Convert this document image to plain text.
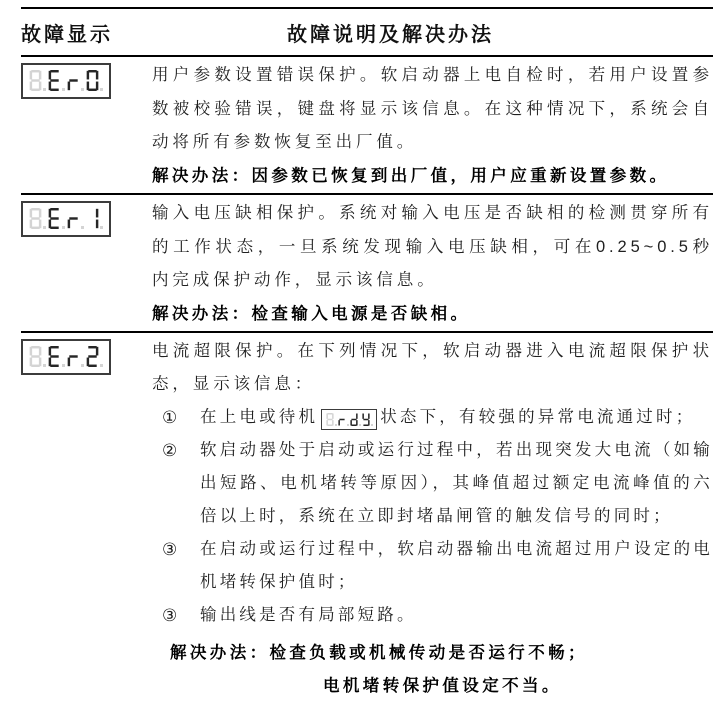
故障显示	故障说明及解决办法

用户参数设置错误保护。软启动器上电自检时，若用户设置参数被校验错误，键盘将显示该信息。在这种情况下，系统会自动将所有参数恢复至出厂值。

解决办法：因参数已恢复到出厂值，用户应重新设置参数。

输入电压缺相保护。系统对输入电压是否缺相的检测贯穿所有的工作状态，一旦系统发现输入电压缺相，可在0.25~0.5秒内完成保护动作，显示该信息。

解决办法：检查输入电源是否缺相。

电流超限保护。在下列情况下，软启动器进入电流超限保护状态，显示该信息：

①	在上电或待机	状态下，有较强的异常电流通过时；
②	软启动器处于启动或运行过程中，若出现突发大电流（如输出短路、电机堵转等原因），其峰值超过额定电流峰值的六倍以上时，系统在立即封堵晶闸管的触发信号的同时；
③	在启动或运行过程中，软启动器输出电流超过用户设定的电机堵转保护值时；
③	输出线是否有局部短路。

解决办法：检查负载或机械传动是否运行不畅；

电机堵转保护值设定不当。
